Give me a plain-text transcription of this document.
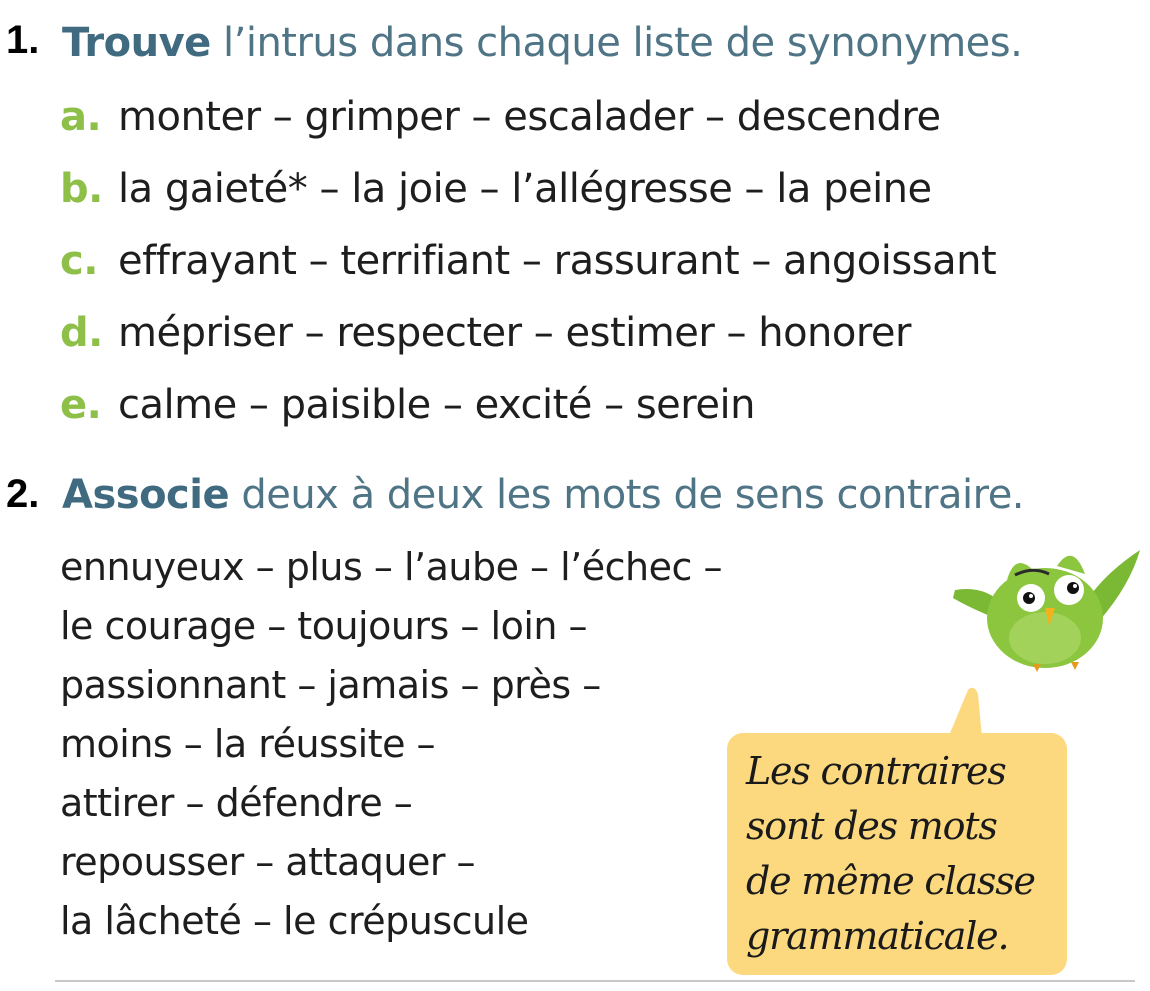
1. Trouve l’intrus dans chaque liste de synonymes.
a. monter – grimper – escalader – descendre
b. la gaieté* – la joie – l’allégresse – la peine
c. effrayant – terrifiant – rassurant – angoissant
d. mépriser – respecter – estimer – honorer
e. calme – paisible – excité – serein
2. Associe deux à deux les mots de sens contraire.
ennuyeux – plus – l’aube – l’échec –
le courage – toujours – loin –
passionnant – jamais – près –
moins – la réussite –
attirer – défendre –
repousser – attaquer –
la lâcheté – le crépuscule
Les contraires
sont des mots
de même classe
grammaticale.
